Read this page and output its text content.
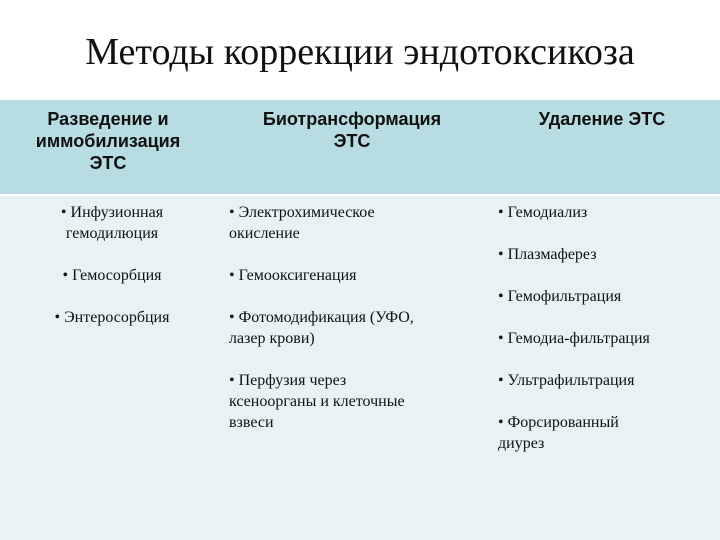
Методы коррекции эндотоксикоза
Разведение и
иммобилизация
ЭТС
Биотрансформация
ЭТС
Удаление ЭТС
• Инфузионная
гемодилюция
• Гемосорбция
• Энтеросорбция
• Электрохимическое
окисление
• Гемооксигенация
• Фотомодификация (УФО,
лазер крови)
• Перфузия через
ксеноорганы и клеточные
взвеси
• Гемодиализ
• Плазмаферез
• Гемофильтрация
• Гемодиа-фильтрация
• Ультрафильтрация
• Форсированный
диурез
